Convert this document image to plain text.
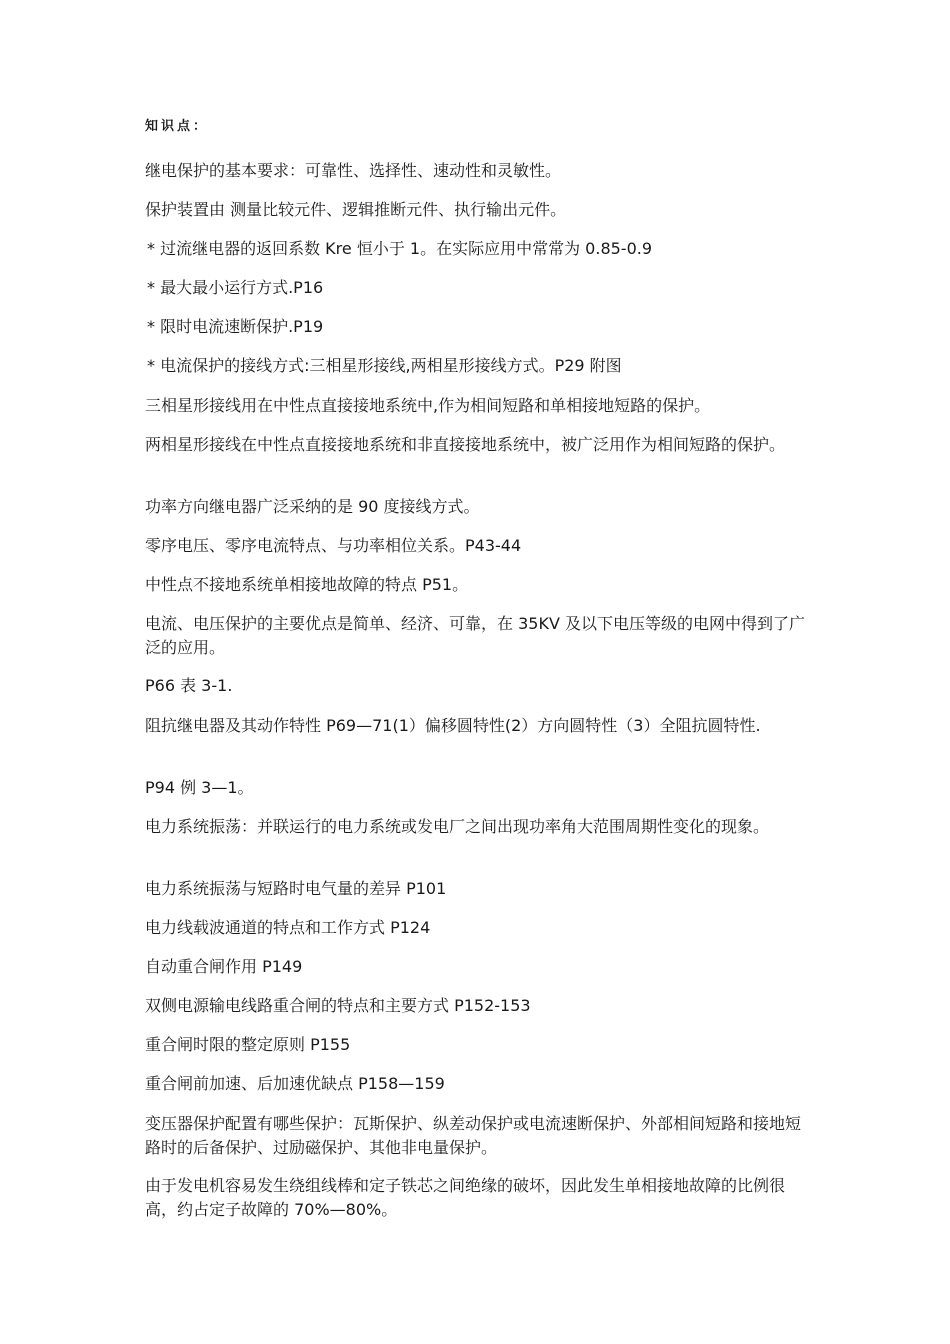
知识点：

继电保护的基本要求：可靠性、选择性、速动性和灵敏性。

保护装置由 测量比较元件、逻辑推断元件、执行输出元件。

* 过流继电器的返回系数 Kre 恒小于 1。在实际应用中常常为 0.85-0.9

* 最大最小运行方式.P16

* 限时电流速断保护.P19

* 电流保护的接线方式:三相星形接线,两相星形接线方式。P29 附图

三相星形接线用在中性点直接接地系统中,作为相间短路和单相接地短路的保护。

两相星形接线在中性点直接接地系统和非直接接地系统中，被广泛用作为相间短路的保护。

功率方向继电器广泛采纳的是 90 度接线方式。

零序电压、零序电流特点、与功率相位关系。P43-44

中性点不接地系统单相接地故障的特点 P51。

电流、电压保护的主要优点是简单、经济、可靠，在 35KV 及以下电压等级的电网中得到了广泛的应用。

P66 表 3-1.

阻抗继电器及其动作特性 P69—71(1）偏移圆特性(2）方向圆特性（3）全阻抗圆特性.

P94 例 3—1。

电力系统振荡：并联运行的电力系统或发电厂之间出现功率角大范围周期性变化的现象。

电力系统振荡与短路时电气量的差异 P101

电力线载波通道的特点和工作方式 P124

自动重合闸作用 P149

双侧电源输电线路重合闸的特点和主要方式 P152-153

重合闸时限的整定原则 P155

重合闸前加速、后加速优缺点 P158—159

变压器保护配置有哪些保护：瓦斯保护、纵差动保护或电流速断保护、外部相间短路和接地短路时的后备保护、过励磁保护、其他非电量保护。

由于发电机容易发生绕组线棒和定子铁芯之间绝缘的破坏，因此发生单相接地故障的比例很高，约占定子故障的 70%—80%。
